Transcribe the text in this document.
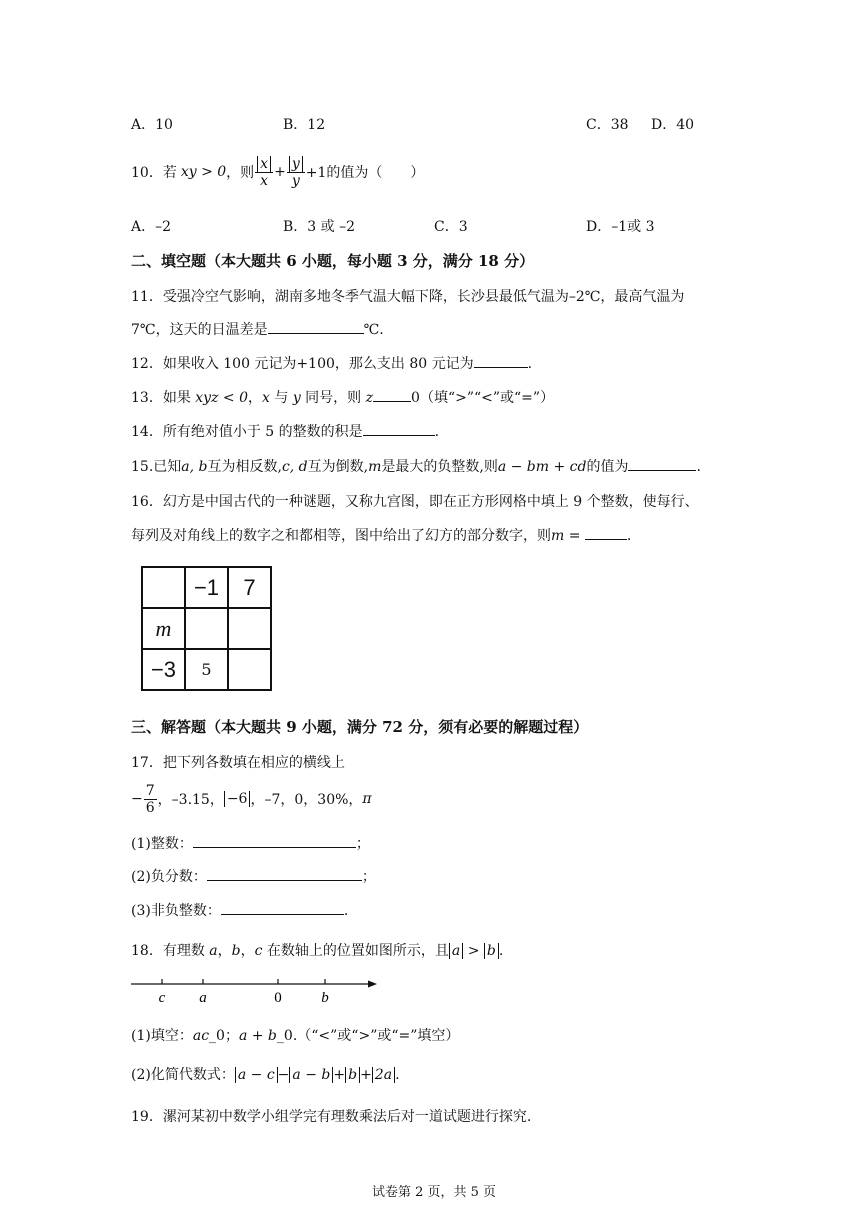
A．10	B．12	C．38 D．40
10．若 xy > 0 ，则 $\frac{x}{x} + \frac{y}{y} +1$的值为（　　）
A．–2	B．3 或 –2	C．3	D．–1或 3
二、填空题（本大题共 6 小题，每小题 3 分，满分 18 分）
11．受强冷空气影响，湖南多地冬季气温大幅下降，长沙县最低气温为–2℃，最高气温为
7℃，这天的日温差是	℃.
12．如果收入 100 元记为+100，那么支出 80 元记为	.
13．如果 xyz < 0，x 与 y 同号，则 z	0（填“>”“<”或“=”）
14．所有绝对值小于 5 的整数的积是	.
15.已知a, b互为相反数,c, d互为倒数,m是最大的负整数,则a − bm + cd的值为	.
16．幻方是中国古代的一种谜题，又称九宫图，即在正方形网格中填上 9 个整数，使每行、
每列及对角线上的数字之和都相等，图中给出了幻方的部分数字，则m =	.
	−1	7
m		
−3	5	
三、解答题（本大题共 9 小题，满分 72 分，须有必要的解题过程）
17．把下列各数填在相应的横线上
− $\frac{7}{6}$ ，–3.15， −6 ，–7，0，30%， π
(1)整数：	；
(2)负分数：	；
(3)非负整数：	.
18．有理数 a，b，c 在数轴上的位置如图所示，且 a > b .
c a	0	b
(1)填空：ac_0；a + b_0.（“<”或“>”或“=”填空）
(2)化简代数式： a − c − a − b + b + 2a .
19．漯河某初中数学小组学完有理数乘法后对一道试题进行探究.
试卷第 2 页，共 5 页
